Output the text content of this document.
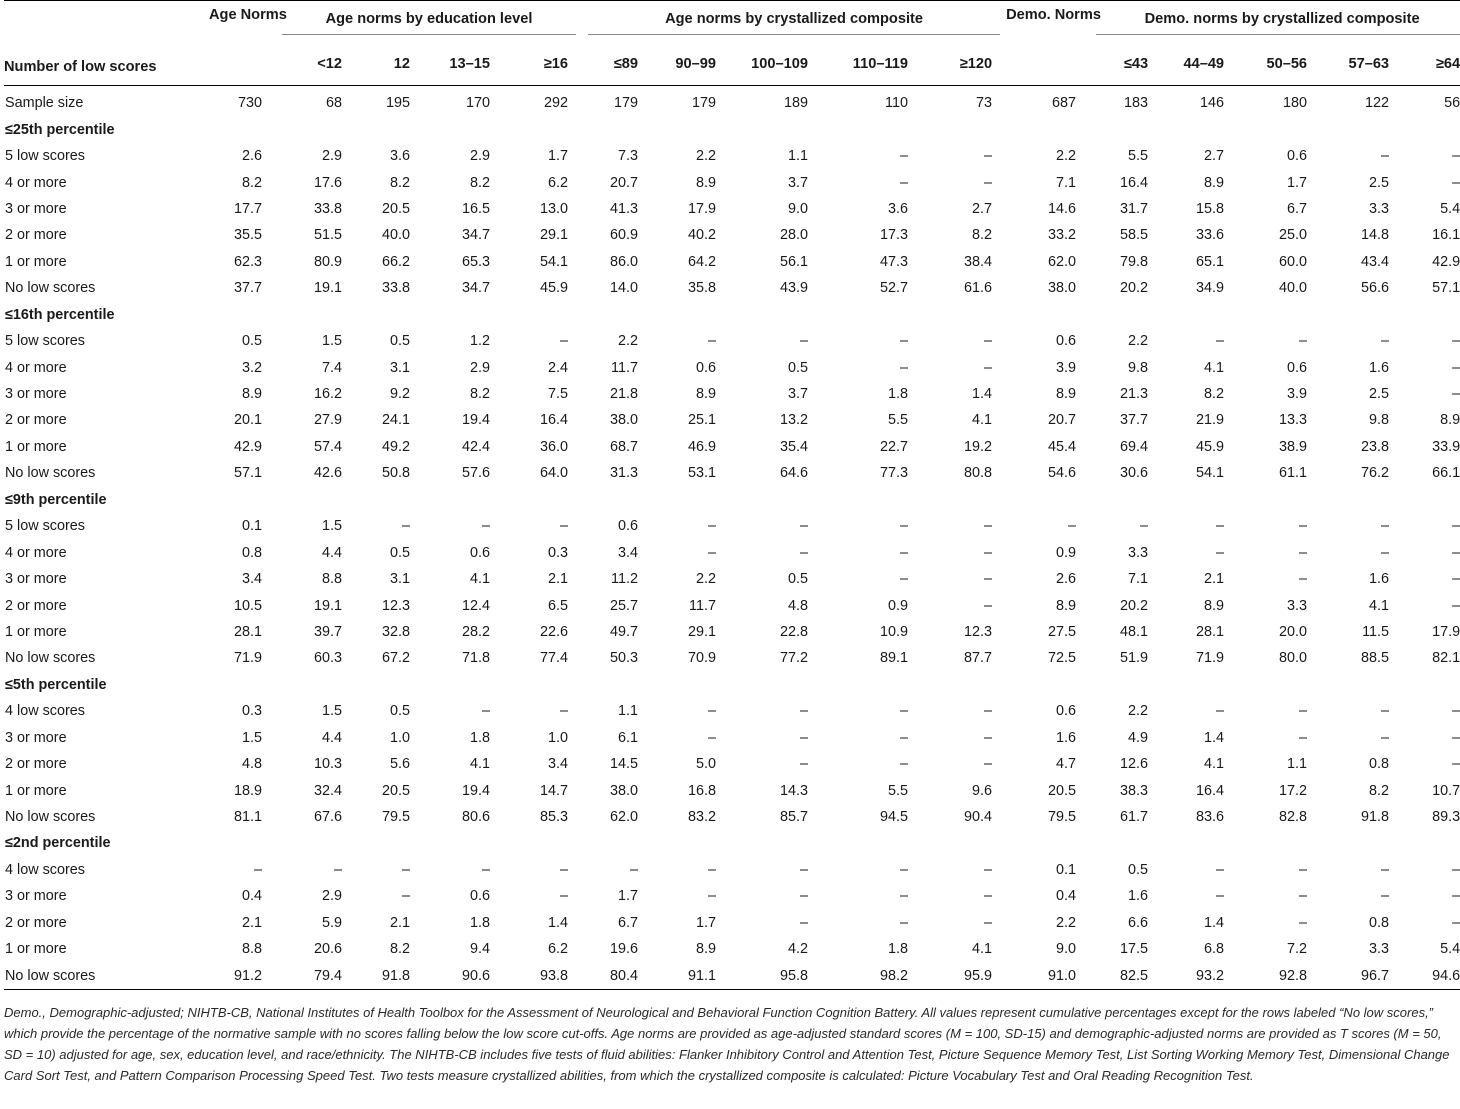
Number of low scores	Age Norms	Age norms by education level				Age norms by crystallized composite					Demo. Norms	Demo. norms by crystallized composite				

		<12	12	13–15	≥16	≤89	90–99	100–109	110–119	≥120		≤43	44–49	50–56	57–63	≥64
Sample size	730	68	195	170	292	179	179	189	110	73	687	183	146	180	122	56
≤25th percentile																
5 low scores	2.6	2.9	3.6	2.9	1.7	7.3	2.2	1.1	–	–	2.2	5.5	2.7	0.6	–	–
4 or more	8.2	17.6	8.2	8.2	6.2	20.7	8.9	3.7	–	–	7.1	16.4	8.9	1.7	2.5	–
3 or more	17.7	33.8	20.5	16.5	13.0	41.3	17.9	9.0	3.6	2.7	14.6	31.7	15.8	6.7	3.3	5.4
2 or more	35.5	51.5	40.0	34.7	29.1	60.9	40.2	28.0	17.3	8.2	33.2	58.5	33.6	25.0	14.8	16.1
1 or more	62.3	80.9	66.2	65.3	54.1	86.0	64.2	56.1	47.3	38.4	62.0	79.8	65.1	60.0	43.4	42.9
No low scores	37.7	19.1	33.8	34.7	45.9	14.0	35.8	43.9	52.7	61.6	38.0	20.2	34.9	40.0	56.6	57.1
≤16th percentile																
5 low scores	0.5	1.5	0.5	1.2	–	2.2	–	–	–	–	0.6	2.2	–	–	–	–
4 or more	3.2	7.4	3.1	2.9	2.4	11.7	0.6	0.5	–	–	3.9	9.8	4.1	0.6	1.6	–
3 or more	8.9	16.2	9.2	8.2	7.5	21.8	8.9	3.7	1.8	1.4	8.9	21.3	8.2	3.9	2.5	–
2 or more	20.1	27.9	24.1	19.4	16.4	38.0	25.1	13.2	5.5	4.1	20.7	37.7	21.9	13.3	9.8	8.9
1 or more	42.9	57.4	49.2	42.4	36.0	68.7	46.9	35.4	22.7	19.2	45.4	69.4	45.9	38.9	23.8	33.9
No low scores	57.1	42.6	50.8	57.6	64.0	31.3	53.1	64.6	77.3	80.8	54.6	30.6	54.1	61.1	76.2	66.1
≤9th percentile																
5 low scores	0.1	1.5	–	–	–	0.6	–	–	–	–	–	–	–	–	–	–
4 or more	0.8	4.4	0.5	0.6	0.3	3.4	–	–	–	–	0.9	3.3	–	–	–	–
3 or more	3.4	8.8	3.1	4.1	2.1	11.2	2.2	0.5	–	–	2.6	7.1	2.1	–	1.6	–
2 or more	10.5	19.1	12.3	12.4	6.5	25.7	11.7	4.8	0.9	–	8.9	20.2	8.9	3.3	4.1	–
1 or more	28.1	39.7	32.8	28.2	22.6	49.7	29.1	22.8	10.9	12.3	27.5	48.1	28.1	20.0	11.5	17.9
No low scores	71.9	60.3	67.2	71.8	77.4	50.3	70.9	77.2	89.1	87.7	72.5	51.9	71.9	80.0	88.5	82.1
≤5th percentile																
4 low scores	0.3	1.5	0.5	–	–	1.1	–	–	–	–	0.6	2.2	–	–	–	–
3 or more	1.5	4.4	1.0	1.8	1.0	6.1	–	–	–	–	1.6	4.9	1.4	–	–	–
2 or more	4.8	10.3	5.6	4.1	3.4	14.5	5.0	–	–	–	4.7	12.6	4.1	1.1	0.8	–
1 or more	18.9	32.4	20.5	19.4	14.7	38.0	16.8	14.3	5.5	9.6	20.5	38.3	16.4	17.2	8.2	10.7
No low scores	81.1	67.6	79.5	80.6	85.3	62.0	83.2	85.7	94.5	90.4	79.5	61.7	83.6	82.8	91.8	89.3
≤2nd percentile																
4 low scores	–	–	–	–	–	–	–	–	–	–	0.1	0.5	–	–	–	–
3 or more	0.4	2.9	–	0.6	–	1.7	–	–	–	–	0.4	1.6	–	–	–	–
2 or more	2.1	5.9	2.1	1.8	1.4	6.7	1.7	–	–	–	2.2	6.6	1.4	–	0.8	–
1 or more	8.8	20.6	8.2	9.4	6.2	19.6	8.9	4.2	1.8	4.1	9.0	17.5	6.8	7.2	3.3	5.4
No low scores	91.2	79.4	91.8	90.6	93.8	80.4	91.1	95.8	98.2	95.9	91.0	82.5	93.2	92.8	96.7	94.6

Demo., Demographic-adjusted; NIHTB-CB, National Institutes of Health Toolbox for the Assessment of Neurological and Behavioral Function Cognition Battery. All values represent cumulative percentages except for the rows labeled “No low scores,” which provide the percentage of the normative sample with no scores falling below the low score cut-offs. Age norms are provided as age-adjusted standard scores (M = 100, SD-15) and demographic-adjusted norms are provided as T scores (M = 50, SD = 10) adjusted for age, sex, education level, and race/ethnicity. The NIHTB-CB includes five tests of fluid abilities: Flanker Inhibitory Control and Attention Test, Picture Sequence Memory Test, List Sorting Working Memory Test, Dimensional Change Card Sort Test, and Pattern Comparison Processing Speed Test. Two tests measure crystallized abilities, from which the crystallized composite is calculated: Picture Vocabulary Test and Oral Reading Recognition Test.
